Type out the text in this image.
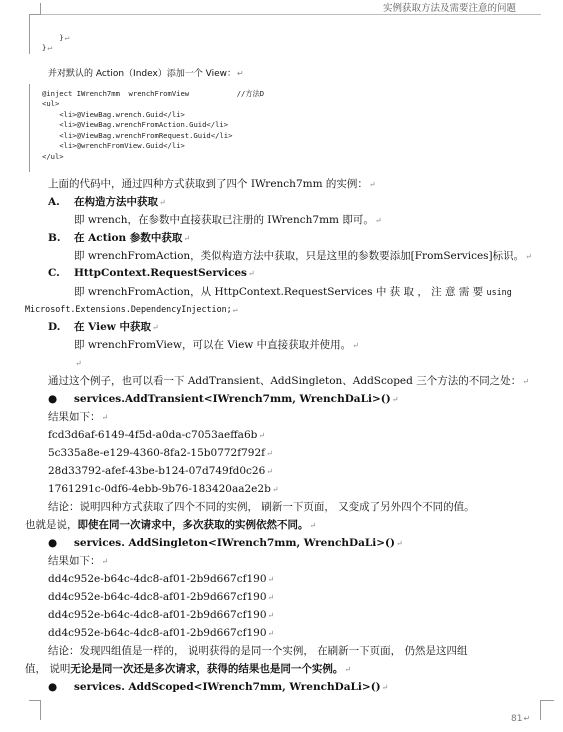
实例获取方法及需要注意的问题
}↵
}↵
并对默认的 Action（Index）添加一个 View：↵
@inject IWrench7mm  wrenchFromView           //方法D
<ul>
<li>@ViewBag.wrench.Guid</li>
<li>@ViewBag.wrenchFromAction.Guid</li>
<li>@ViewBag.wrenchFromRequest.Guid</li>
<li>@wrenchFromView.Guid</li>
</ul>
上面的代码中，通过四种方式获取到了四个 IWrench7mm 的实例：↵
A. 在构造方法中获取↵
即 wrench，在参数中直接获取已注册的 IWrench7mm 即可。↵
B. 在 Action 参数中获取↵
即 wrenchFromAction，类似构造方法中获取，只是这里的参数要添加[FromServices]标识。↵
C. HttpContext.RequestServices↵
即 wrenchFromAction，从 HttpContext.RequestServices 中 获 取 ， 注 意 需 要 using
Microsoft.Extensions.DependencyInjection;↵
D. 在 View 中获取↵
即 wrenchFromView，可以在 View 中直接获取并使用。↵
↵
通过这个例子，也可以看一下 AddTransient、AddSingleton、AddScoped 三个方法的不同之处：↵
● services.AddTransient<IWrench7mm, WrenchDaLi>()↵
结果如下：↵
fcd3d6af-6149-4f5d-a0da-c7053aeffa6b↵
5c335a8e-e129-4360-8fa2-15b0772f792f↵
28d33792-afef-43be-b124-07d749fd0c26↵
1761291c-0df6-4ebb-9b76-183420aa2e2b↵
结论：说明四种方式获取了四个不同的实例， 刷新一下页面， 又变成了另外四个不同的值。
也就是说，即使在同一次请求中，多次获取的实例依然不同。↵
● services. AddSingleton<IWrench7mm, WrenchDaLi>()↵
结果如下：↵
dd4c952e-b64c-4dc8-af01-2b9d667cf190↵
dd4c952e-b64c-4dc8-af01-2b9d667cf190↵
dd4c952e-b64c-4dc8-af01-2b9d667cf190↵
dd4c952e-b64c-4dc8-af01-2b9d667cf190↵
结论：发现四组值是一样的， 说明获得的是同一个实例， 在刷新一下页面， 仍然是这四组
值， 说明无论是同一次还是多次请求，获得的结果也是同一个实例。↵
● services. AddScoped<IWrench7mm, WrenchDaLi>()↵
81↵
